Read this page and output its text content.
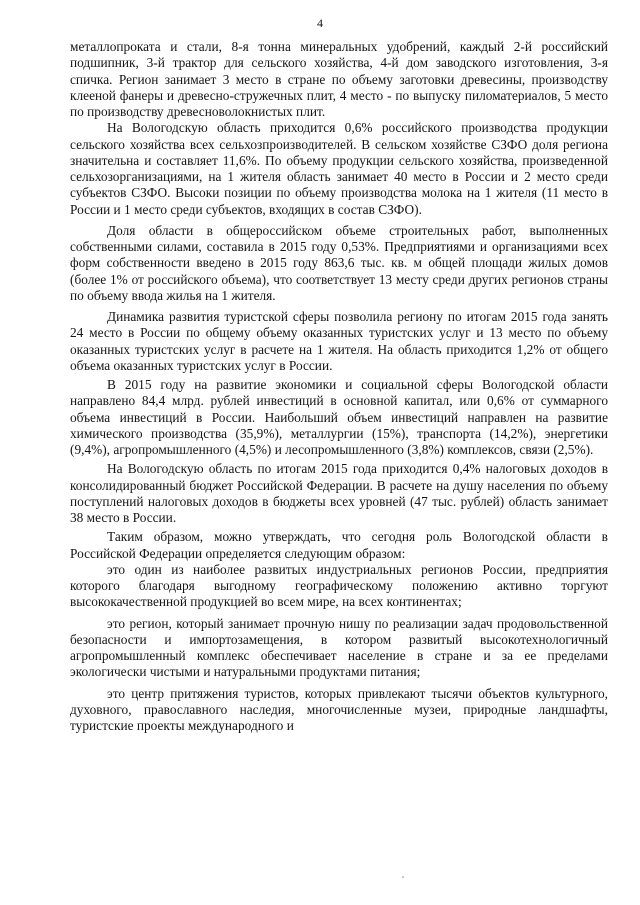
4

металлопроката и стали, 8-я тонна минеральных удобрений, каждый 2-й российский подшипник, 3-й трактор для сельского хозяйства, 4-й дом заводского изготовления, 3-я спичка. Регион занимает 3 место в стране по объему заготовки древесины, производству клееной фанеры и древесно-стружечных плит, 4 место - по выпуску пиломатериалов, 5 место по производству древесноволокнистых плит.

На Вологодскую область приходится 0,6% российского производства продукции сельского хозяйства всех сельхозпроизводителей. В сельском хозяйстве СЗФО доля региона значительна и составляет 11,6%. По объему продукции сельского хозяйства, произведенной сельхозорганизациями, на 1 жителя область занимает 40 место в России и 2 место среди субъектов СЗФО. Высоки позиции по объему производства молока на 1 жителя (11 место в России и 1 место среди субъектов, входящих в состав СЗФО).

Доля области в общероссийском объеме строительных работ, выполненных собственными силами, составила в 2015 году 0,53%. Предприятиями и организациями всех форм собственности введено в 2015 году 863,6 тыс. кв. м общей площади жилых домов (более 1% от российского объема), что соответствует 13 месту среди других регионов страны по объему ввода жилья на 1 жителя.

Динамика развития туристской сферы позволила региону по итогам 2015 года занять 24 место в России по общему объему оказанных туристских услуг и 13 место по объему оказанных туристских услуг в расчете на 1 жителя. На область приходится 1,2% от общего объема оказанных туристских услуг в России.

В 2015 году на развитие экономики и социальной сферы Вологодской области направлено 84,4 млрд. рублей инвестиций в основной капитал, или 0,6% от суммарного объема инвестиций в России. Наибольший объем инвестиций направлен на развитие химического производства (35,9%), металлургии (15%), транспорта (14,2%), энергетики (9,4%), агропромышленного (4,5%) и лесопромышленного (3,8%) комплексов, связи (2,5%).

На Вологодскую область по итогам 2015 года приходится 0,4% налоговых доходов в консолидированный бюджет Российской Федерации. В расчете на душу населения по объему поступлений налоговых доходов в бюджеты всех уровней (47 тыс. рублей) область занимает 38 место в России.

Таким образом, можно утверждать, что сегодня роль Вологодской области в Российской Федерации определяется следующим образом:

это один из наиболее развитых индустриальных регионов России, предприятия которого благодаря выгодному географическому положению активно торгуют высококачественной продукцией во всем мире, на всех континентах;

это регион, который занимает прочную нишу по реализации задач продовольственной безопасности и импортозамещения, в котором развитый высокотехнологичный агропромышленный комплекс обеспечивает население в стране и за ее пределами экологически чистыми и натуральными продуктами питания;

это центр притяжения туристов, которых привлекают тысячи объектов культурного, духовного, православного наследия, многочисленные музеи, природные ландшафты, туристские проекты международного и
